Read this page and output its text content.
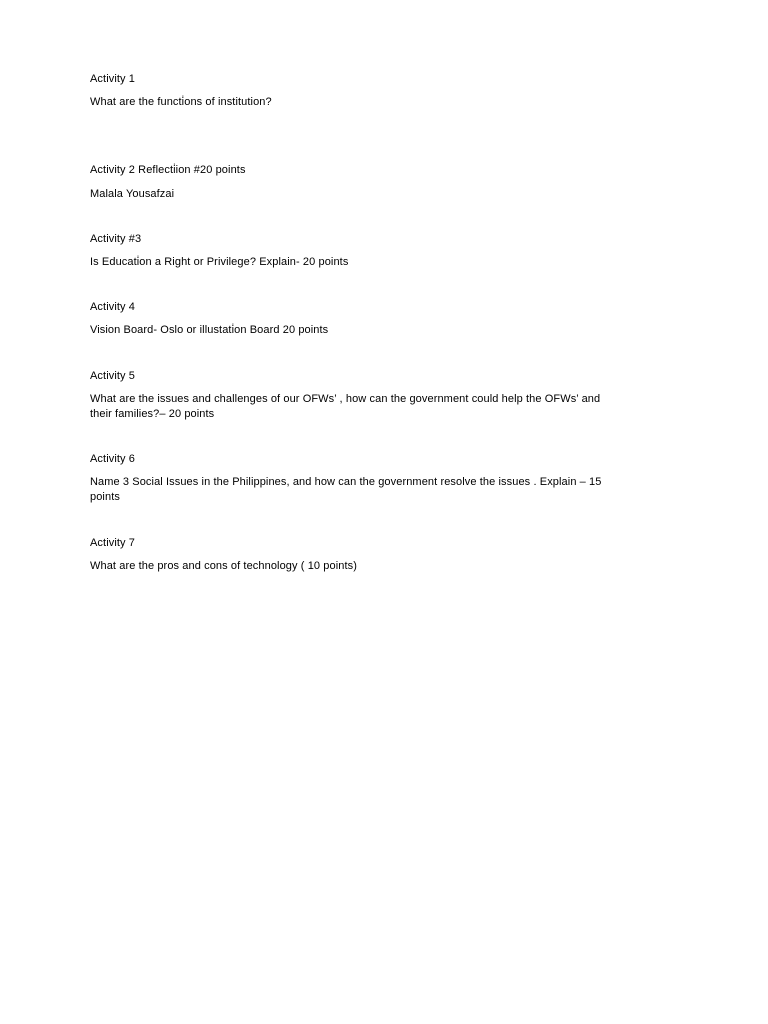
Activity 1
What are the functi̇ons of institution?
Activity 2 Reflecti̇ion #20 points
Malala Yousafzai
Activity #3
Is Educati̇on a Right or Privilege? Explain- 20 points
Activity 4
Vision Board- Oslo or illustati̇on Board 20 points
Activity 5
What are the issues and challenges of our OFWs’ , how can the government could help the OFWs’ and
their families?– 20 points
Activity 6
Name 3 Social Issues in the Philippines, and how can the government resolve the issues . Explain – 15
points
Activity 7
What are the pros and cons of technology ( 10 points)
